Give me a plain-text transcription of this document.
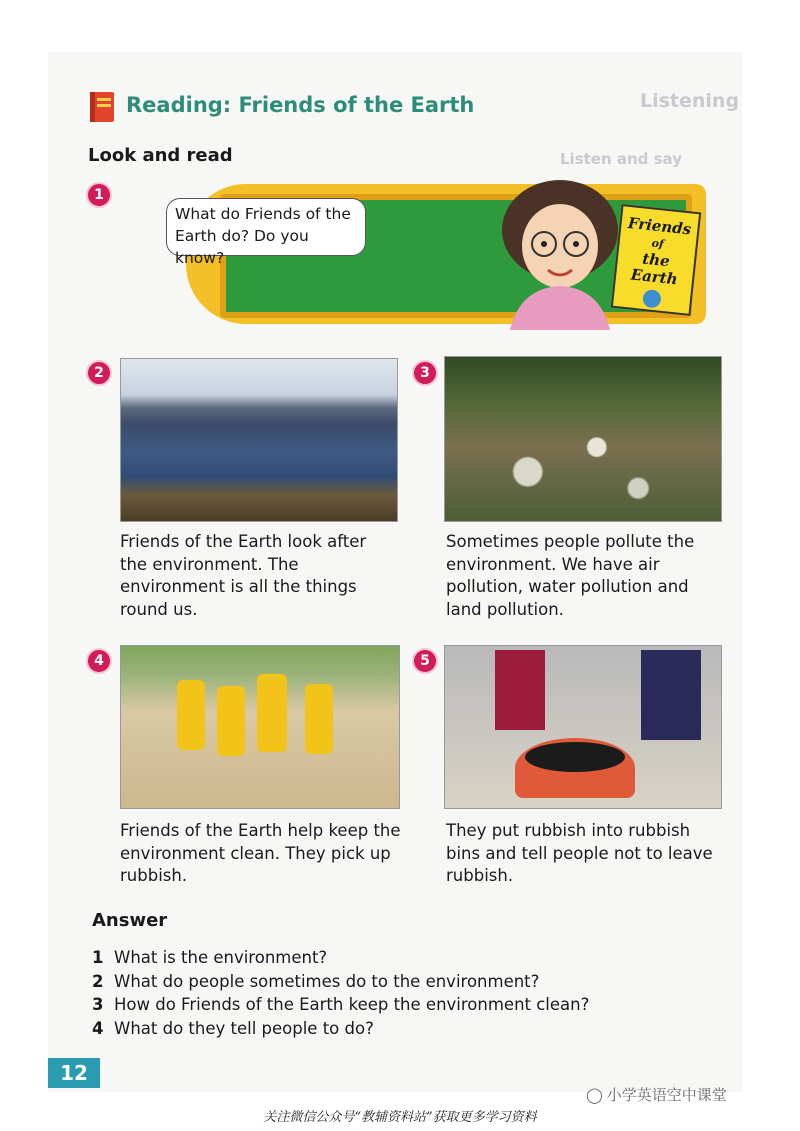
Listen and say
Listening
Reading: Friends of the Earth
Look and read
1
What do Friends of the Earth do? Do you know?
Friends
of
the Earth
2
Friends of the Earth look after the environment. The environment is all the things round us.
3
Sometimes people pollute the environment. We have air pollution, water pollution and land pollution.
4
Friends of the Earth help keep the environment clean. They pick up rubbish.
5
They put rubbish into rubbish bins and tell people not to leave rubbish.
Answer
1 What is the environment?
2 What do people sometimes do to the environment?
3 How do Friends of the Earth keep the environment clean?
4 What do they tell people to do?
12
◯ 小学英语空中课堂
关注微信公众号“教辅资料站”获取更多学习资料
